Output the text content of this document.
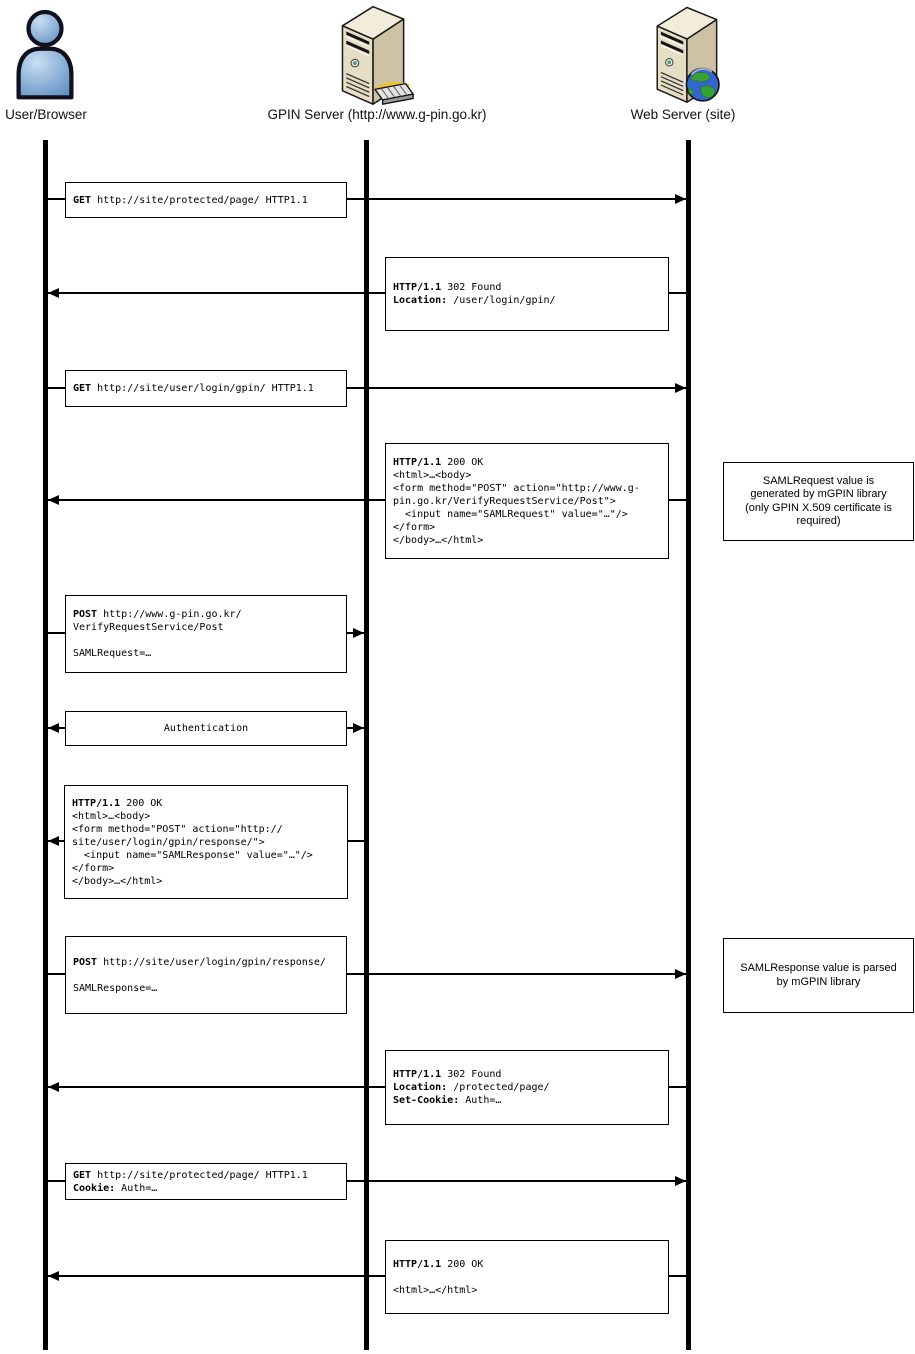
User/Browser	GPIN Server (http://www.g-pin.go.kr)	Web Server (site)
GET http://site/protected/page/ HTTP1.1
HTTP/1.1 302 Found
Location: /user/login/gpin/
GET http://site/user/login/gpin/ HTTP1.1
HTTP/1.1 200 OK
<html>…<body>
<form method="POST" action="http://www.g-
pin.go.kr/VerifyRequestService/Post">
<input name="SAMLRequest" value="…"/>
</form>
</body>…</html>
POST http://www.g-pin.go.kr/
VerifyRequestService/Post

SAMLRequest=…
Authentication
HTTP/1.1 200 OK
<html>…<body>
<form method="POST" action="http://
site/user/login/gpin/response/">
<input name="SAMLResponse" value="…"/>
</form>
</body>…</html>
POST http://site/user/login/gpin/response/

SAMLResponse=…
HTTP/1.1 302 Found
Location: /protected/page/
Set-Cookie: Auth=…
GET http://site/protected/page/ HTTP1.1
Cookie: Auth=…
HTTP/1.1 200 OK

<html>…</html>
SAMLRequest value is generated by mGPIN library (only GPIN X.509 certificate is required)
SAMLResponse value is parsed by mGPIN library
